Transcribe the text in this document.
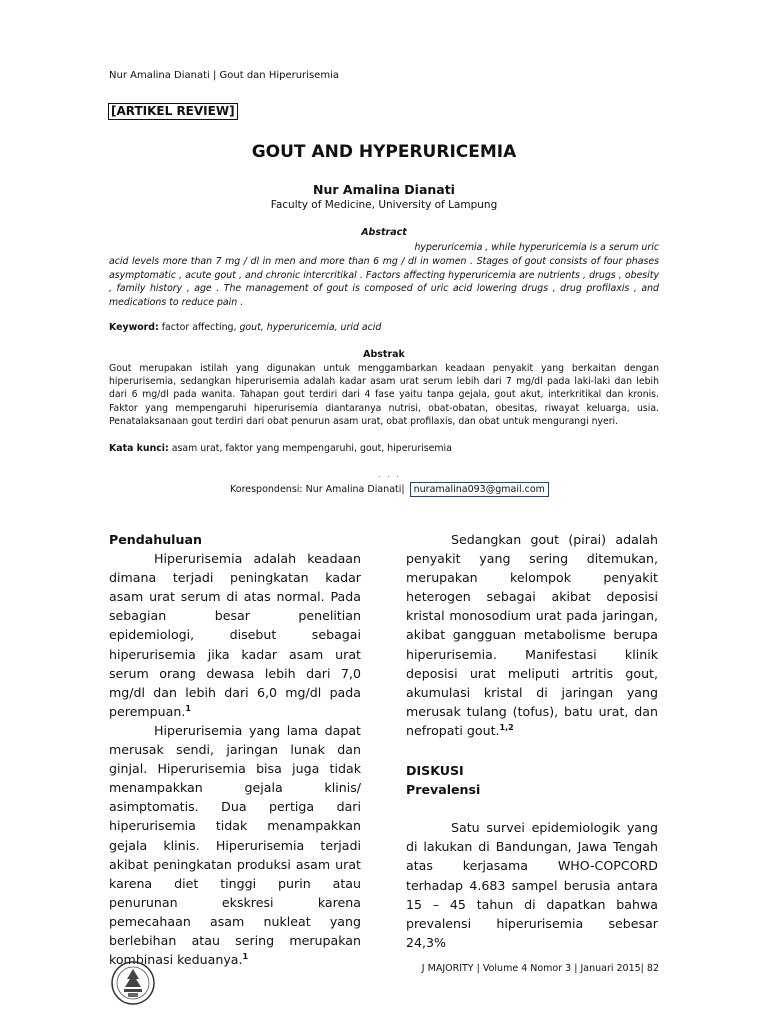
Nur Amalina Dianati | Gout dan Hiperurisemia
[ARTIKEL REVIEW]
GOUT AND HYPERURICEMIA
Nur Amalina Dianati
Faculty of Medicine, University of Lampung
Abstract
hyperuricemia , while hyperuricemia is a serum uric
acid levels more than 7 mg / dl in men and more than 6 mg / dl in women . Stages of gout consists of four phases asymptomatic , acute gout , and chronic intercritikal . Factors affecting hyperuricemia are nutrients , drugs , obesity , family history , age . The management of gout is composed of uric acid lowering drugs , drug profilaxis , and medications to reduce pain .
Keyword: factor affecting, gout, hyperuricemia, urid acid
Abstrak
Gout merupakan istilah yang digunakan untuk menggambarkan keadaan penyakit yang berkaitan dengan hiperurisemia, sedangkan hiperurisemia adalah kadar asam urat serum lebih dari 7 mg/dl pada laki-laki dan lebih dari 6 mg/dl pada wanita. Tahapan gout terdiri dari 4 fase yaitu tanpa gejala, gout akut, interkritikal dan kronis. Faktor yang mempengaruhi hiperurisemia diantaranya nutrisi, obat-obatan, obesitas, riwayat keluarga, usia. Penatalaksanaan gout terdiri dari obat penurun asam urat, obat profilaxis, dan obat untuk mengurangi nyeri.
Kata kunci: asam urat, faktor yang mempengaruhi, gout, hiperurisemia
. . .
Korespondensi: Nur Amalina Dianati| nuramalina093@gmail.com
Pendahuluan

Hiperurisemia adalah keadaan dimana terjadi peningkatan kadar asam urat serum di atas normal. Pada sebagian besar penelitian epidemiologi, disebut sebagai hiperurisemia jika kadar asam urat serum orang dewasa lebih dari 7,0 mg/dl dan lebih dari 6,0 mg/dl pada perempuan.$^1$

Hiperurisemia yang lama dapat merusak sendi, jaringan lunak dan ginjal. Hiperurisemia bisa juga tidak menampakkan gejala klinis/ asimptomatis. Dua pertiga dari hiperurisemia tidak menampakkan gejala klinis. Hiperurisemia terjadi akibat peningkatan produksi asam urat karena diet tinggi purin atau penurunan ekskresi karena pemecahaan asam nukleat yang berlebihan atau sering merupakan kombinasi keduanya.$^1$

Sedangkan gout (pirai) adalah penyakit yang sering ditemukan, merupakan kelompok penyakit heterogen sebagai akibat deposisi kristal monosodium urat pada jaringan, akibat gangguan metabolisme berupa hiperurisemia. Manifestasi klinik deposisi urat meliputi artritis gout, akumulasi kristal di jaringan yang merusak tulang (tofus), batu urat, dan nefropati gout.$^{1,2}$

DISKUSI
Prevalensi

Satu survei epidemiologik yang di lakukan di Bandungan, Jawa Tengah atas kerjasama WHO-COPCORD terhadap 4.683 sampel berusia antara 15 – 45 tahun di dapatkan bahwa prevalensi hiperurisemia sebesar 24,3%

J MAJORITY | Volume 4 Nomor 3 | Januari 2015| 82
